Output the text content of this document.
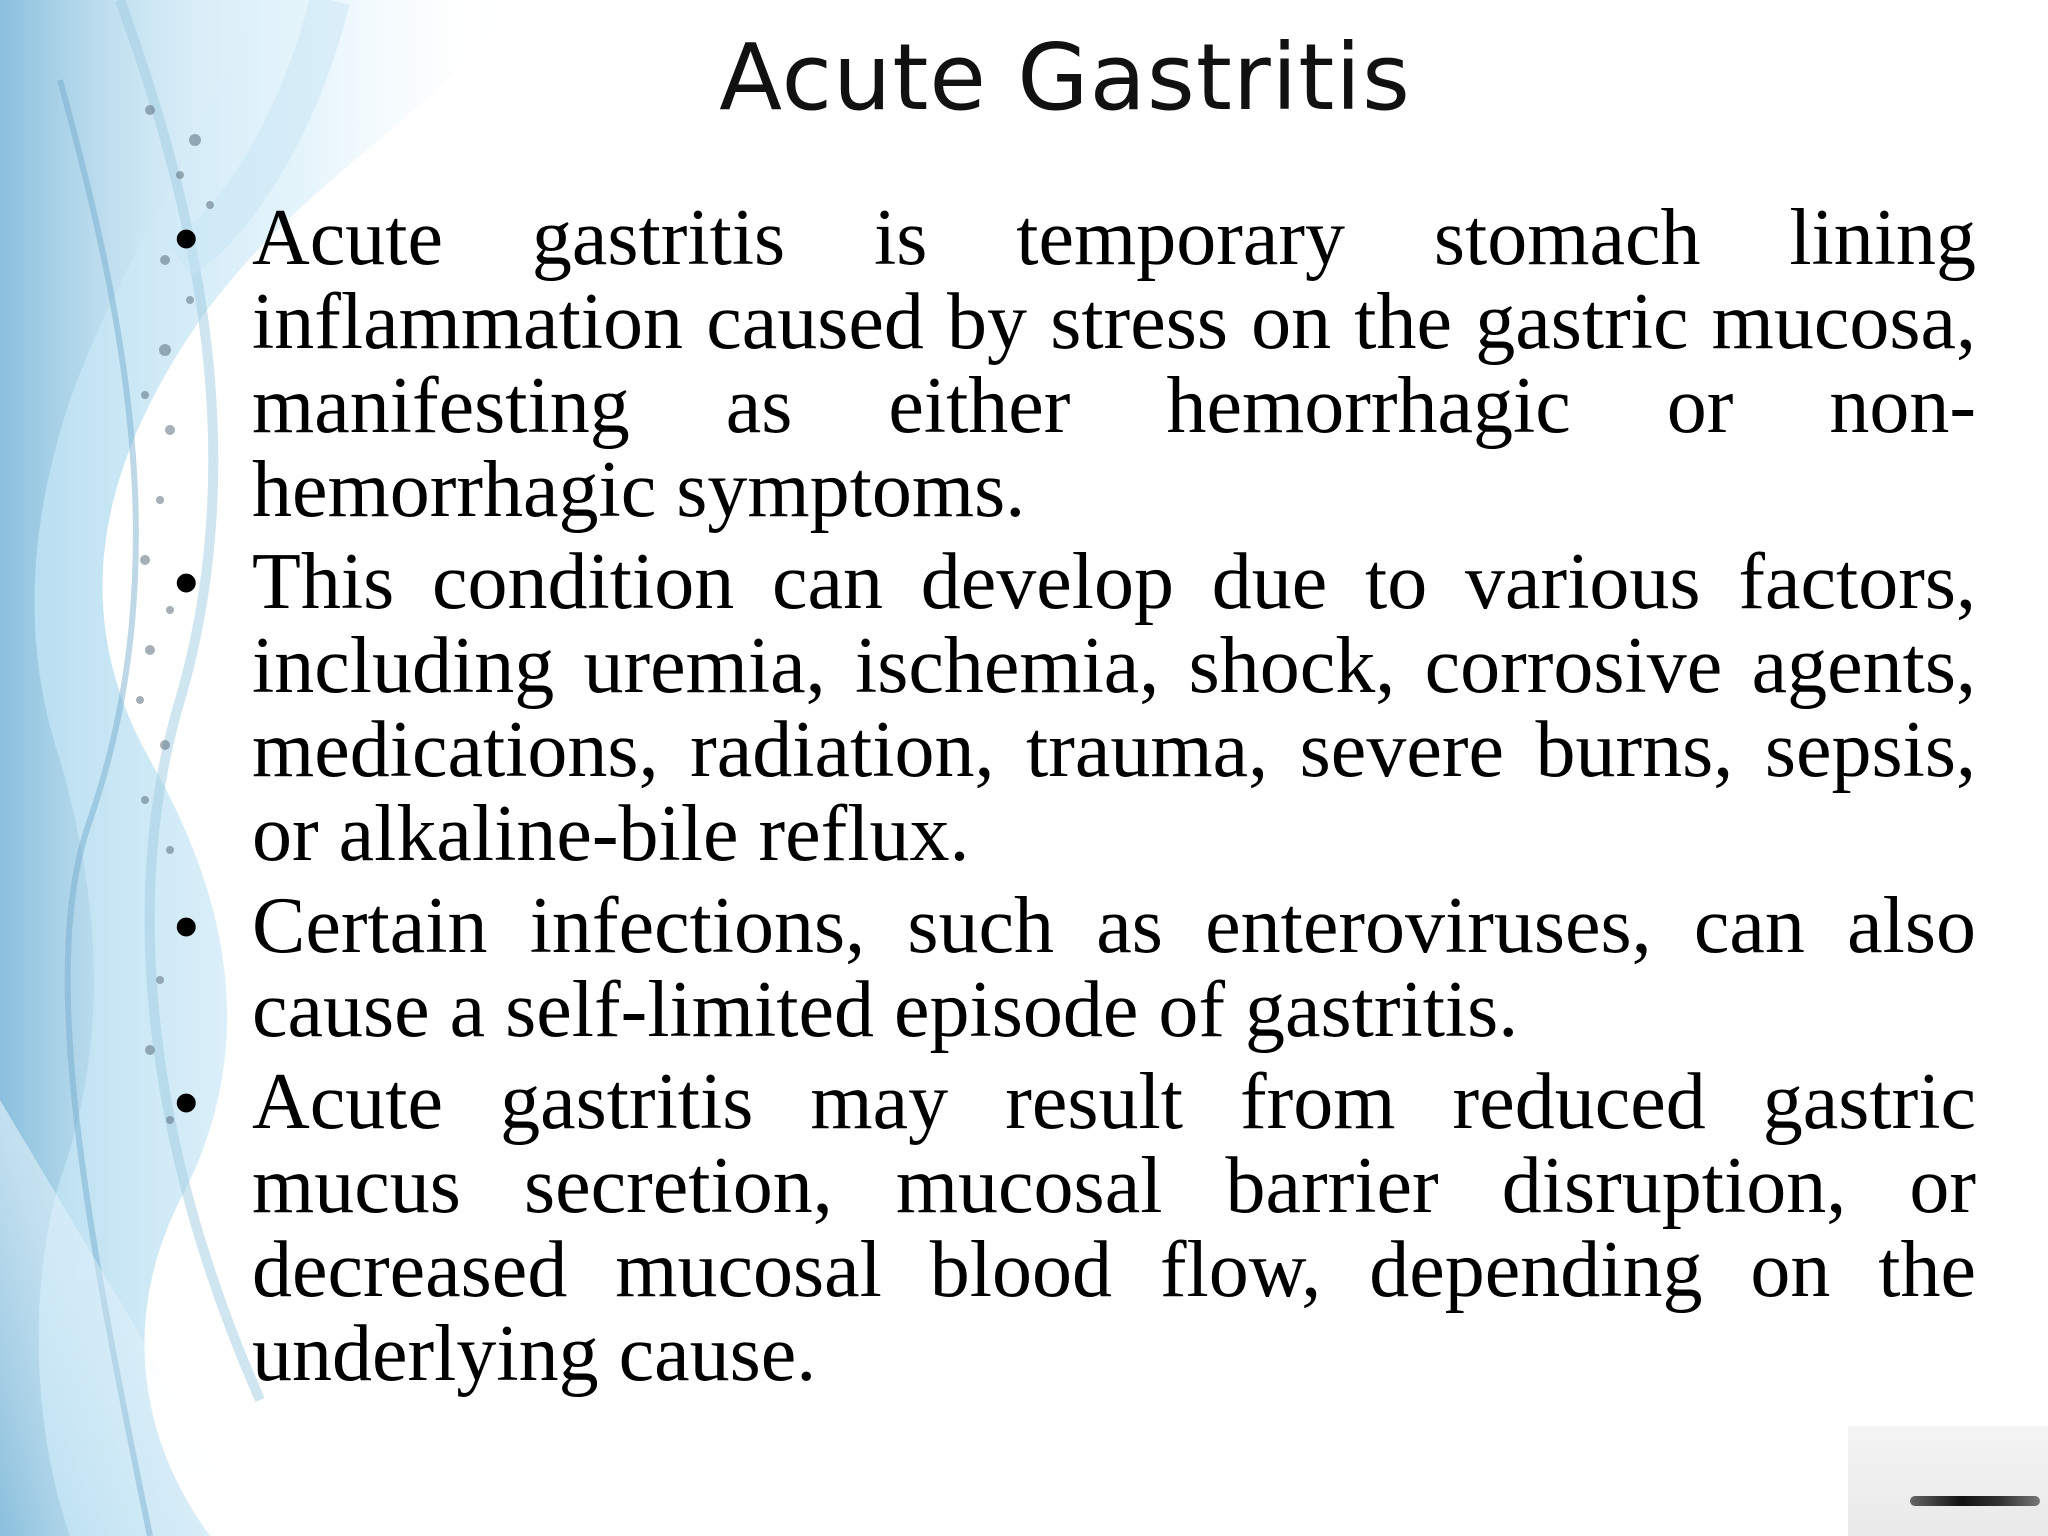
Acute Gastritis
• Acute gastritis is temporary stomach lining inflammation caused by stress on the gastric mucosa, manifesting as either hemorrhagic or non-hemorrhagic symptoms.
• This condition can develop due to various factors, including uremia, ischemia, shock, corrosive agents, medications, radiation, trauma, severe burns, sepsis, or alkaline-bile reflux.
• Certain infections, such as enteroviruses, can also cause a self-limited episode of gastritis.
• Acute gastritis may result from reduced gastric mucus secretion, mucosal barrier disruption, or decreased mucosal blood flow, depending on the underlying cause.
